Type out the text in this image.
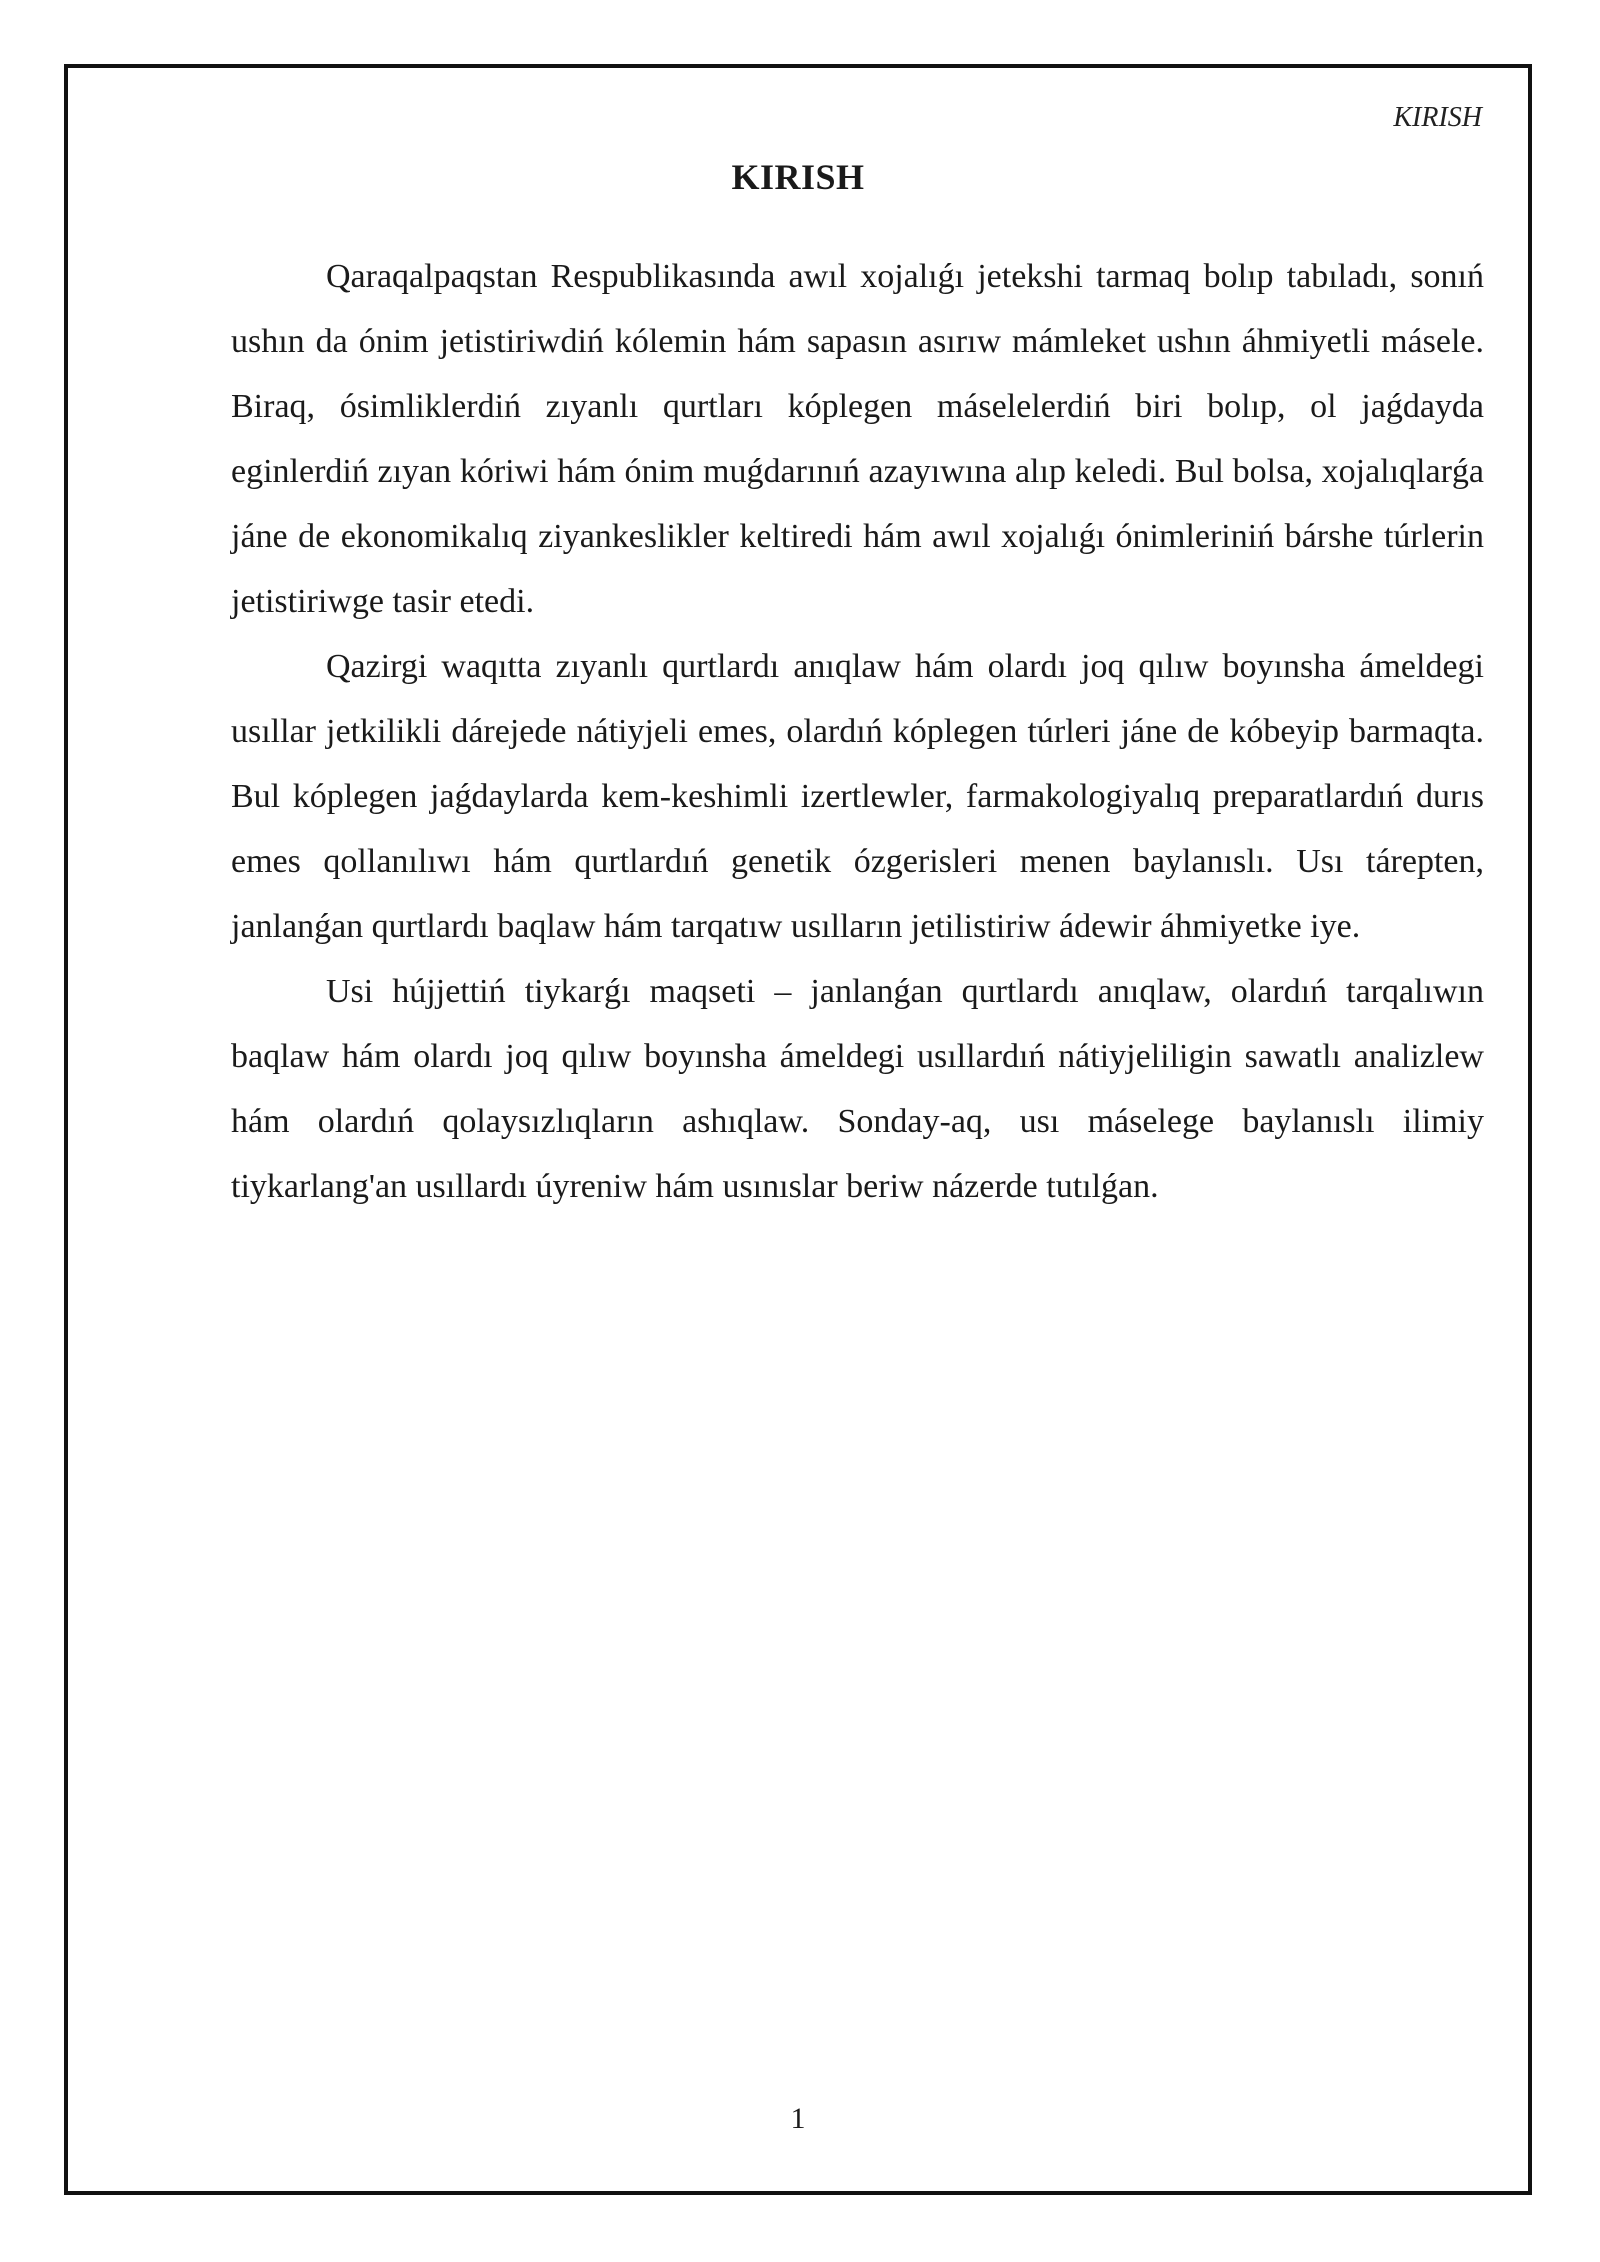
KIRISH
KIRISH

Qaraqalpaqstan Respublikasında awıl xojalıǵı jetekshi tarmaq bolıp tabıladı, sonıń ushın da ónim jetistiriwdiń kólemin hám sapasın asırıw mámleket ushın áhmiyetli másele. Biraq, ósimliklerdiń zıyanlı qurtları kóplegen máselelerdiń biri bolıp, ol jaǵdayda eginlerdiń zıyan kóriwi hám ónim muǵdarınıń azayıwına alıp keledi. Bul bolsa, xojalıqlarǵa jáne de ekonomikalıq ziyankeslikler keltiredi hám awıl xojalıǵı ónimleriniń bárshe túrlerin jetistiriwge tasir etedi.

Qazirgi waqıtta zıyanlı qurtlardı anıqlaw hám olardı joq qılıw boyınsha ámeldegi usıllar jetkilikli dárejede nátiyjeli emes, olardıń kóplegen túrleri jáne de kóbeyip barmaqta. Bul kóplegen jaǵdaylarda kem-keshimli izertlewler, farmakologiyalıq preparatlardıń durıs emes qollanılıwı hám qurtlardıń genetik ózgerisleri menen baylanıslı. Usı tárepten, janlanǵan qurtlardı baqlaw hám tarqatıw usılların jetilistiriw ádewir áhmiyetke iye.

Usi hújjettiń tiykarǵı maqseti – janlanǵan qurtlardı anıqlaw, olardıń tarqalıwın baqlaw hám olardı joq qılıw boyınsha ámeldegi usıllardıń nátiyjeliligin sawatlı analizlew hám olardıń qolaysızlıqların ashıqlaw. Sonday-aq, usı máselege baylanıslı ilimiy tiykarlang'an usıllardı úyreniw hám usınıslar beriw názerde tutılǵan.

1
